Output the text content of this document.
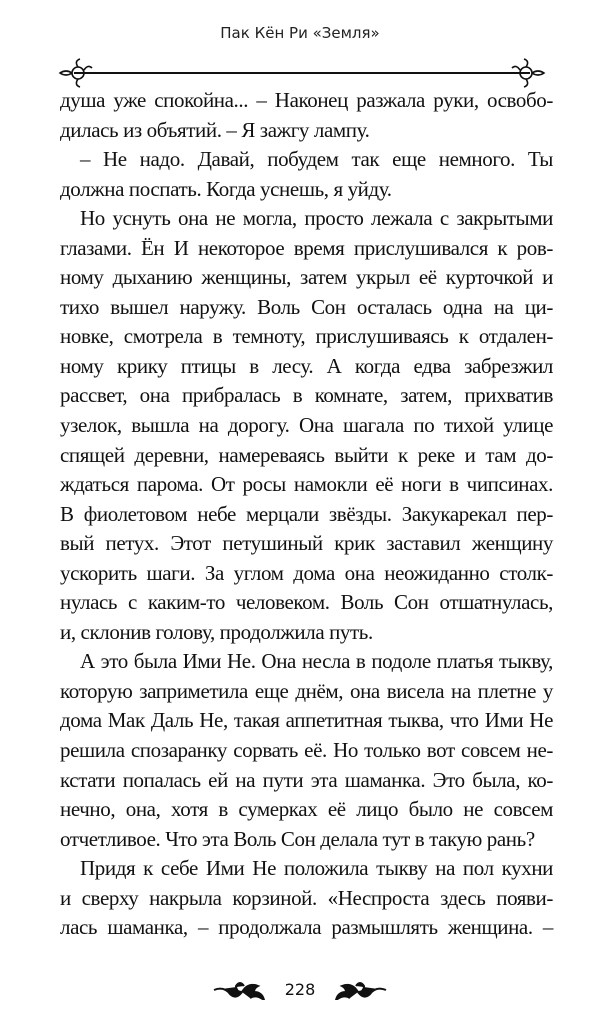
Пак Кён Ри «Земля»
душа уже спокойна... – Наконец разжала руки, освобо-
дилась из объятий. – Я зажгу лампу.
– Не надо. Давай, побудем так еще немного. Ты
должна поспать. Когда уснешь, я уйду.
Но уснуть она не могла, просто лежала с закрытыми
глазами. Ён И некоторое время прислушивался к ров-
ному дыханию женщины, затем укрыл её курточкой и
тихо вышел наружу. Воль Сон осталась одна на ци-
новке, смотрела в темноту, прислушиваясь к отдален-
ному крику птицы в лесу. А когда едва забрезжил
рассвет, она прибралась в комнате, затем, прихватив
узелок, вышла на дорогу. Она шагала по тихой улице
спящей деревни, намереваясь выйти к реке и там до-
ждаться парома. От росы намокли её ноги в чипсинах.
В фиолетовом небе мерцали звёзды. Закукарекал пер-
вый петух. Этот петушиный крик заставил женщину
ускорить шаги. За углом дома она неожиданно столк-
нулась с каким-то человеком. Воль Сон отшатнулась,
и, склонив голову, продолжила путь.
А это была Ими Не. Она несла в подоле платья тыкву,
которую заприметила еще днём, она висела на плетне у
дома Мак Даль Не, такая аппетитная тыква, что Ими Не
решила спозаранку сорвать её. Но только вот совсем не-
кстати попалась ей на пути эта шаманка. Это была, ко-
нечно, она, хотя в сумерках её лицо было не совсем
отчетливое. Что эта Воль Сон делала тут в такую рань?
Придя к себе Ими Не положила тыкву на пол кухни
и сверху накрыла корзиной. «Неспроста здесь появи-
лась шаманка, – продолжала размышлять женщина. –
228
